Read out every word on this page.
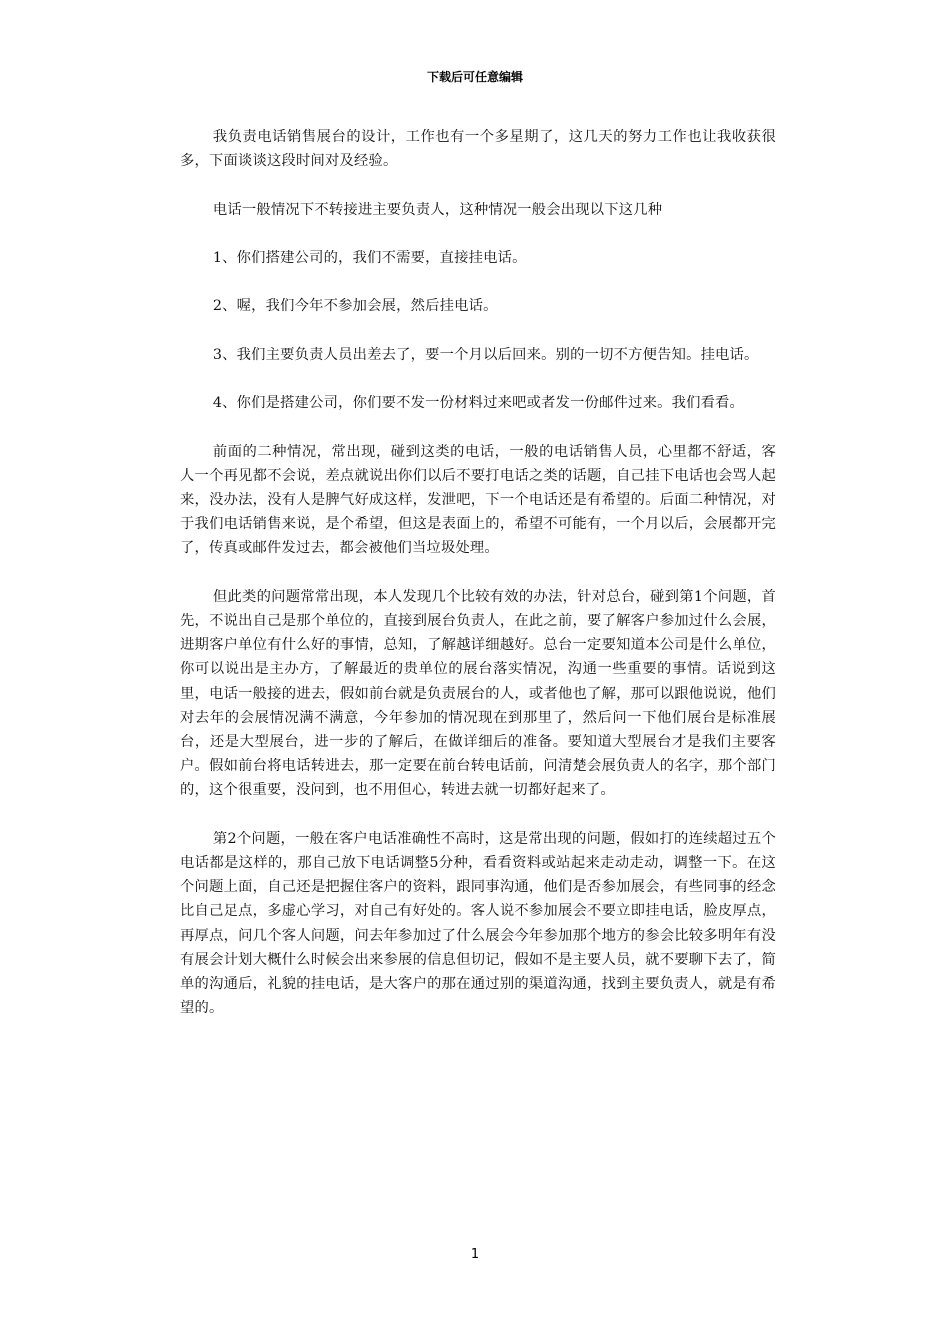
下载后可任意编辑

我负责电话销售展台的设计，工作也有一个多星期了，这几天的努力工作也让我收获很多，下面谈谈这段时间对及经验。

电话一般情况下不转接进主要负责人，这种情况一般会出现以下这几种

1、你们搭建公司的，我们不需要，直接挂电话。

2、喔，我们今年不参加会展，然后挂电话。

3、我们主要负责人员出差去了，要一个月以后回来。别的一切不方便告知。挂电话。

4、你们是搭建公司，你们要不发一份材料过来吧或者发一份邮件过来。我们看看。

前面的二种情况，常出现，碰到这类的电话，一般的电话销售人员，心里都不舒适，客人一个再见都不会说，差点就说出你们以后不要打电话之类的话题，自己挂下电话也会骂人起来，没办法，没有人是脾气好成这样，发泄吧，下一个电话还是有希望的。后面二种情况，对于我们电话销售来说，是个希望，但这是表面上的，希望不可能有，一个月以后，会展都开完了，传真或邮件发过去，都会被他们当垃圾处理。

但此类的问题常常出现，本人发现几个比较有效的办法，针对总台，碰到第1个问题，首先，不说出自己是那个单位的，直接到展台负责人，在此之前，要了解客户参加过什么会展，进期客户单位有什么好的事情，总知，了解越详细越好。总台一定要知道本公司是什么单位，你可以说出是主办方，了解最近的贵单位的展台落实情况，沟通一些重要的事情。话说到这里，电话一般接的进去，假如前台就是负责展台的人，或者他也了解，那可以跟他说说，他们对去年的会展情况满不满意，今年参加的情况现在到那里了，然后问一下他们展台是标准展台，还是大型展台，进一步的了解后，在做详细后的准备。要知道大型展台才是我们主要客户。假如前台将电话转进去，那一定要在前台转电话前，问清楚会展负责人的名字，那个部门的，这个很重要，没问到，也不用但心，转进去就一切都好起来了。

第2个问题，一般在客户电话准确性不高时，这是常出现的问题，假如打的连续超过五个电话都是这样的，那自己放下电话调整5分种，看看资料或站起来走动走动，调整一下。在这个问题上面，自己还是把握住客户的资料，跟同事沟通，他们是否参加展会，有些同事的经念比自己足点，多虚心学习，对自己有好处的。客人说不参加展会不要立即挂电话，脸皮厚点，再厚点，问几个客人问题，问去年参加过了什么展会今年参加那个地方的参会比较多明年有没有展会计划大概什么时候会出来参展的信息但切记，假如不是主要人员，就不要聊下去了，简单的沟通后，礼貌的挂电话，是大客户的那在通过别的渠道沟通，找到主要负责人，就是有希望的。

1
